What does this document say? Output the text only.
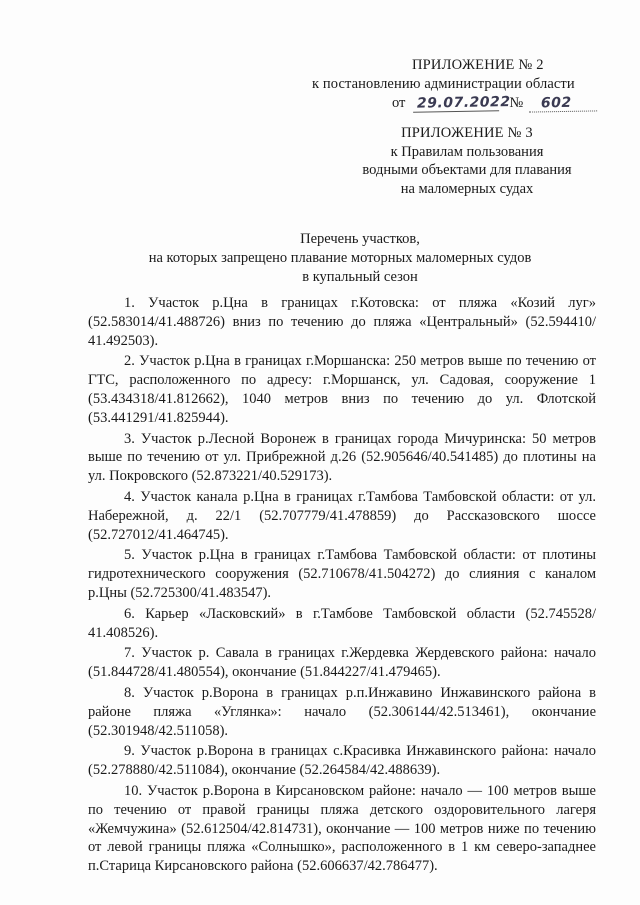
ПРИЛОЖЕНИЕ № 2
к постановлению администрации области
от 29.07.2022
№	602
ПРИЛОЖЕНИЕ № 3
к Правилам пользования
водными объектами для плавания
на маломерных судах
Перечень участков,
на которых запрещено плавание моторных маломерных судов
в купальный сезон

1. Участок р.Цна в границах г.Котовска: от пляжа «Козий луг» (52.583014/41.488726) вниз по течению до пляжа «Центральный» (52.594410/ 41.492503).

2. Участок р.Цна в границах г.Моршанска: 250 метров выше по течению от ГТС, расположенного по адресу: г.Моршанск, ул. Садовая, сооружение 1 (53.434318/41.812662), 1040 метров вниз по течению до ул. Флотской (53.441291/41.825944).

3. Участок р.Лесной Воронеж в границах города Мичуринска: 50 метров выше по течению от ул. Прибрежной д.26 (52.905646/40.541485) до плотины на ул. Покровского (52.873221/40.529173).

4. Участок канала р.Цна в границах г.Тамбова Тамбовской области: от ул. Набережной, д. 22/1 (52.707779/41.478859) до Рассказовского шоссе (52.727012/41.464745).

5. Участок р.Цна в границах г.Тамбова Тамбовской области: от плотины гидротехнического сооружения (52.710678/41.504272) до слияния с каналом р.Цны (52.725300/41.483547).

6. Карьер «Ласковский» в г.Тамбове Тамбовской области (52.745528/ 41.408526).

7. Участок р. Савала в границах г.Жердевка Жердевского района: начало (51.844728/41.480554), окончание (51.844227/41.479465).

8. Участок р.Ворона в границах р.п.Инжавино Инжавинского района в районе пляжа «Углянка»: начало (52.306144/42.513461), окончание (52.301948/42.511058).

9. Участок р.Ворона в границах с.Красивка Инжавинского района: начало (52.278880/42.511084), окончание (52.264584/42.488639).

10. Участок р.Ворона в Кирсановском районе: начало — 100 метров выше по течению от правой границы пляжа детского оздоровительного лагеря «Жемчужина» (52.612504/42.814731), окончание — 100 метров ниже по течению от левой границы пляжа «Солнышко», расположенного в 1 км северо-западнее п.Старица Кирсановского района (52.606637/42.786477).
